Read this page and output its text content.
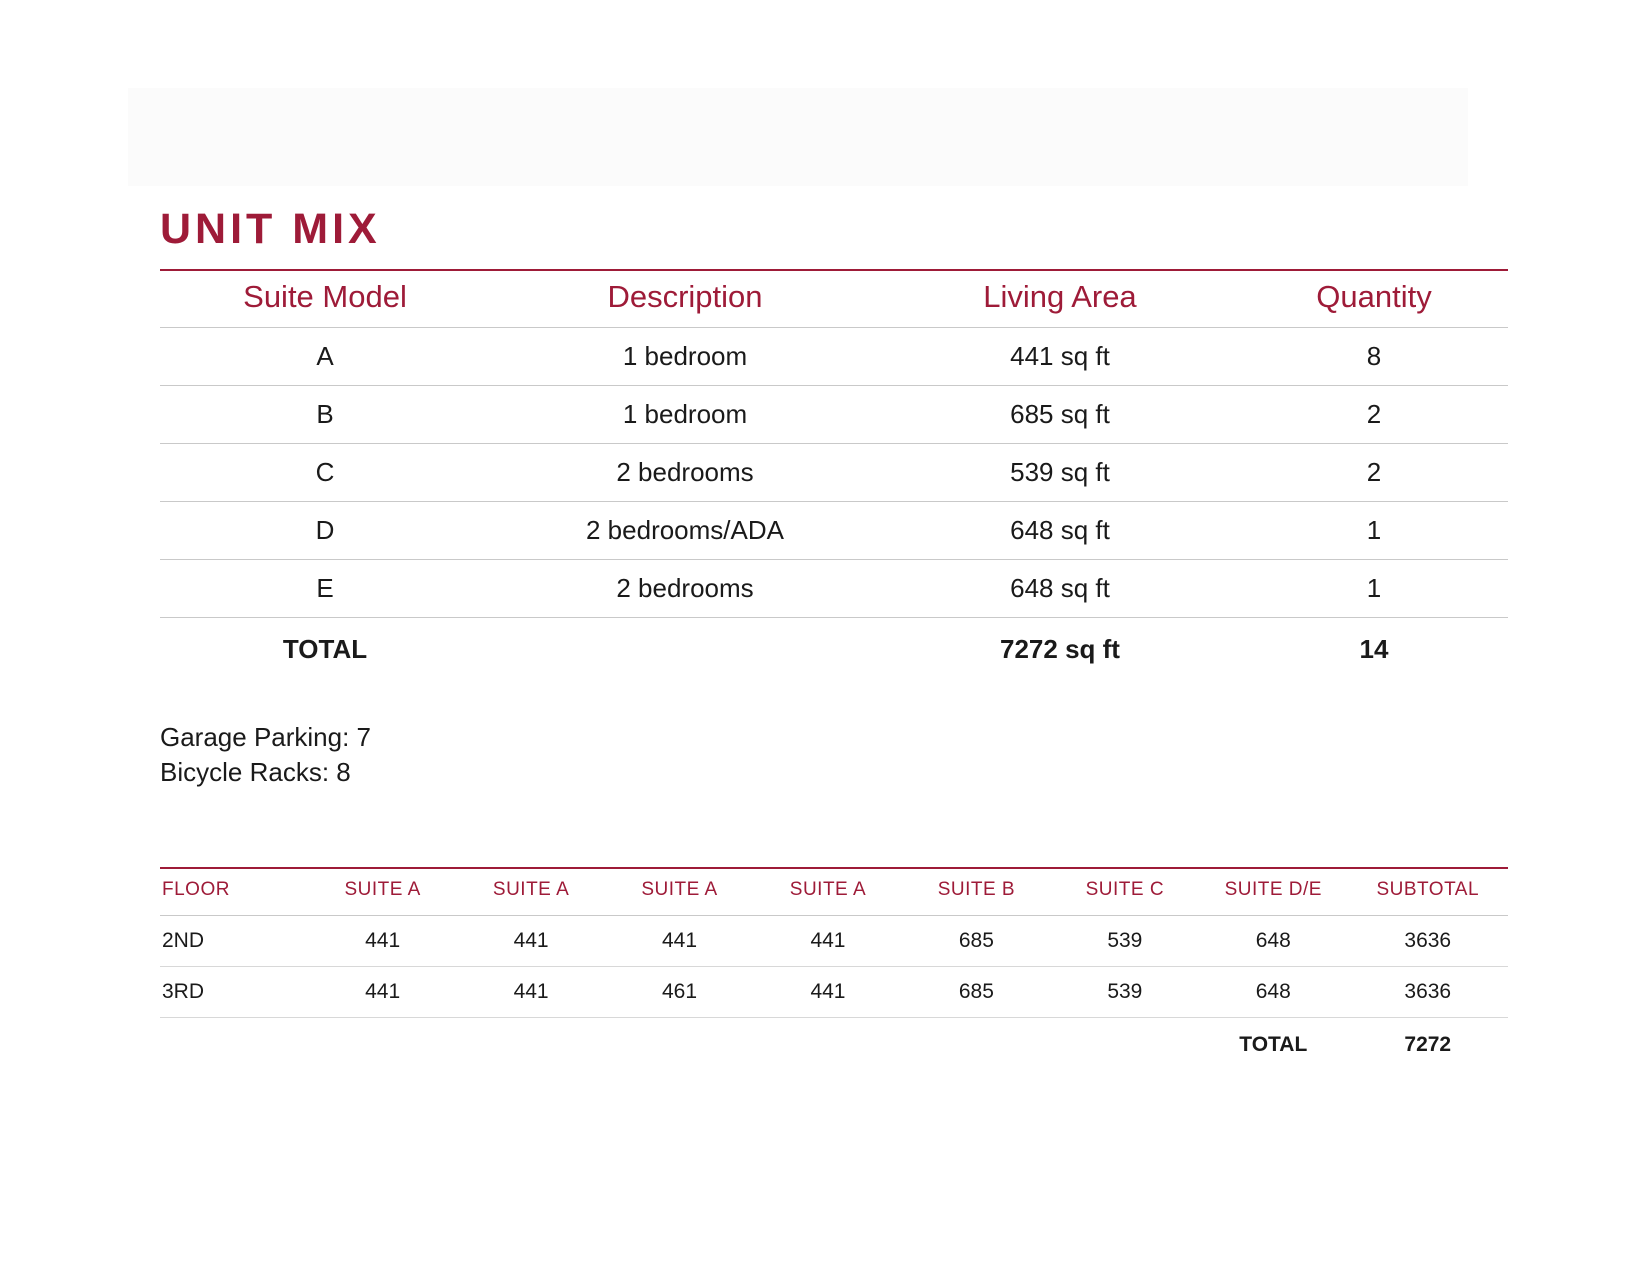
UNIT MIX
Suite Model	Description	Living Area	Quantity
A	1 bedroom	441 sq ft	8
B	1 bedroom	685 sq ft	2
C	2 bedrooms	539 sq ft	2
D	2 bedrooms/ADA	648 sq ft	1
E	2 bedrooms	648 sq ft	1
TOTAL		7272 sq ft	14
Garage Parking: 7
Bicycle Racks: 8
FLOOR	SUITE A	SUITE A	SUITE A	SUITE A	SUITE B	SUITE C	SUITE D/E	SUBTOTAL
2ND	441	441	441	441	685	539	648	3636
3RD	441	441	461	441	685	539	648	3636
							TOTAL	7272
